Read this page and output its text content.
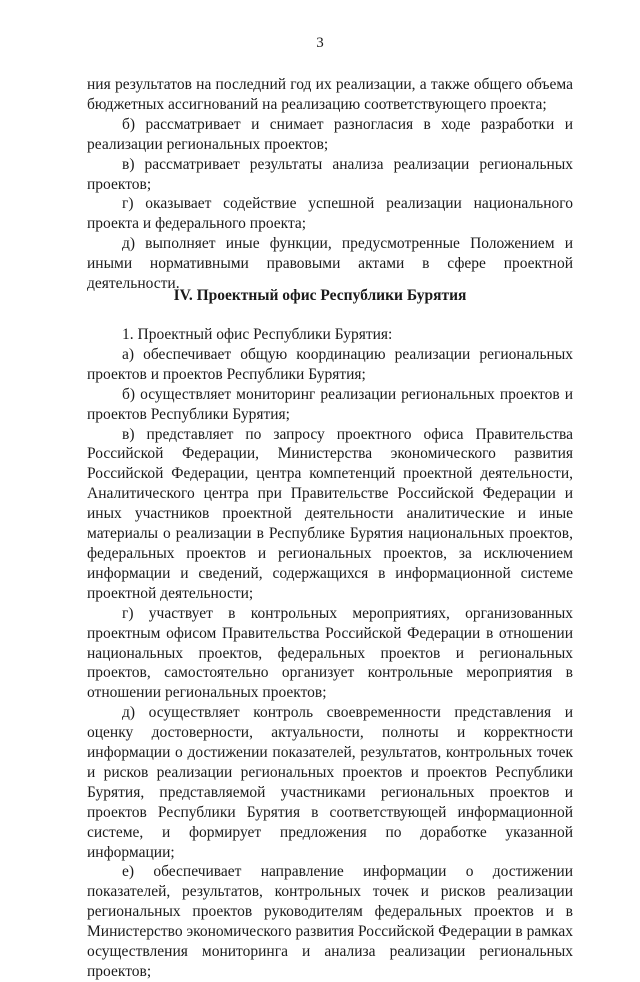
3

ния результатов на последний год их реализации, а также общего объема бюджетных ассигнований на реализацию соответствующего проекта;

б) рассматривает и снимает разногласия в ходе разработки и реализации региональных проектов;

в) рассматривает результаты анализа реализации региональных проектов;

г) оказывает содействие успешной реализации национального проекта и федерального проекта;

д) выполняет иные функции, предусмотренные Положением и иными нормативными правовыми актами в сфере проектной деятельности.

IV. Проектный офис Республики Бурятия

1. Проектный офис Республики Бурятия:

а) обеспечивает общую координацию реализации региональных проектов и проектов Республики Бурятия;

б) осуществляет мониторинг реализации региональных проектов и проектов Республики Бурятия;

в) представляет по запросу проектного офиса Правительства Российской Федерации, Министерства экономического развития Российской Федерации, центра компетенций проектной деятельности, Аналитического центра при Правительстве Российской Федерации и иных участников проектной деятельности аналитические и иные материалы о реализации в Республике Бурятия национальных проектов, федеральных проектов и региональных проектов, за исключением информации и сведений, содержащихся в информационной системе проектной деятельности;

г) участвует в контрольных мероприятиях, организованных проектным офисом Правительства Российской Федерации в отношении национальных проектов, федеральных проектов и региональных проектов, самостоятельно организует контрольные мероприятия в отношении региональных проектов;

д) осуществляет контроль своевременности представления и оценку достоверности, актуальности, полноты и корректности информации о достижении показателей, результатов, контрольных точек и рисков реализации региональных проектов и проектов Республики Бурятия, представляемой участниками региональных проектов и проектов Республики Бурятия в соответствующей информационной системе, и формирует предложения по доработке указанной информации;

е) обеспечивает направление информации о достижении показателей, результатов, контрольных точек и рисков реализации региональных проектов руководителям федеральных проектов и в Министерство экономического развития Российской Федерации в рамках осуществления мониторинга и анализа реализации региональных проектов;
